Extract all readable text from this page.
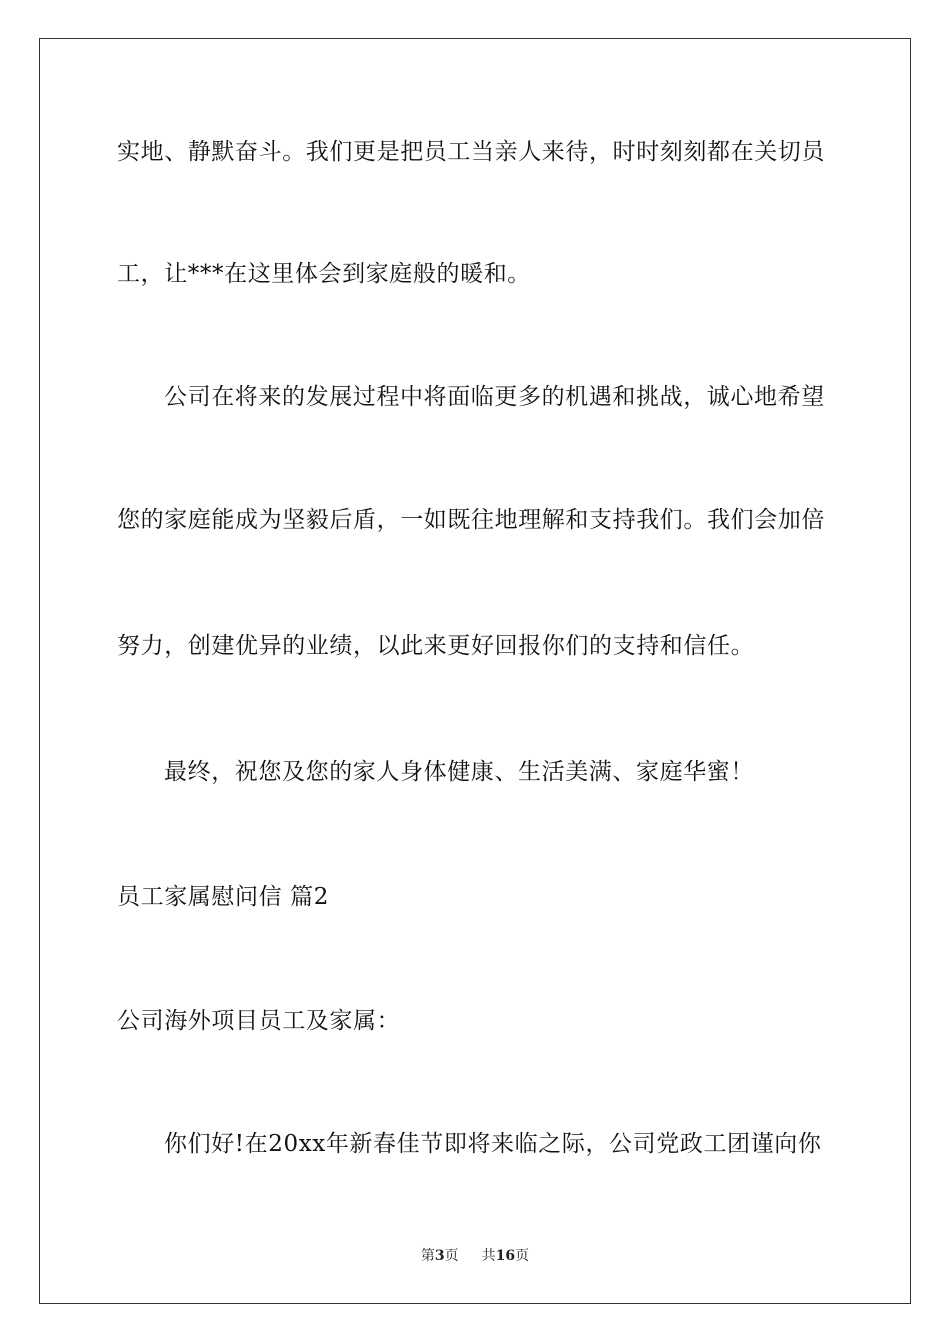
实地、静默奋斗。我们更是把员工当亲人来待，时时刻刻都在关切员
工，让***在这里体会到家庭般的暖和。
公司在将来的发展过程中将面临更多的机遇和挑战，诚心地希望
您的家庭能成为坚毅后盾，一如既往地理解和支持我们。我们会加倍
努力，创建优异的业绩，以此来更好回报你们的支持和信任。
最终，祝您及您的家人身体健康、生活美满、家庭华蜜！
员工家属慰问信 篇2
公司海外项目员工及家属：
你们好!在20xx年新春佳节即将来临之际，公司党政工团谨向你
第3页 共16页
